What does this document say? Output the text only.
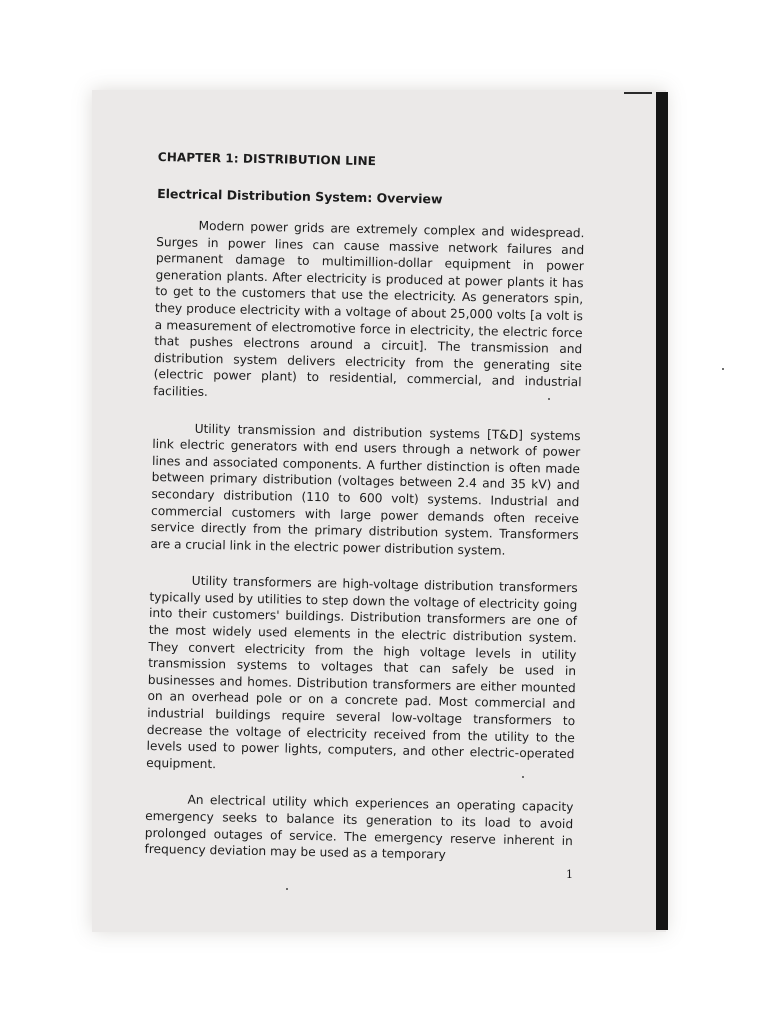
CHAPTER 1: DISTRIBUTION LINE
Electrical Distribution System: Overview

Modern power grids are extremely complex and widespread. Surges in power lines can cause massive network failures and permanent damage to multimillion-dollar equipment in power generation plants. After electricity is produced at power plants it has to get to the customers that use the electricity. As generators spin, they produce electricity with a voltage of about 25,000 volts [a volt is a measurement of electromotive force in electricity, the electric force that pushes electrons around a circuit]. The transmission and distribution system delivers electricity from the generating site (electric power plant) to residential, commercial, and industrial facilities.

Utility transmission and distribution systems [T&D] systems link electric generators with end users through a network of power lines and associated components. A further distinction is often made between primary distribution (voltages between 2.4 and 35 kV) and secondary distribution (110 to 600 volt) systems. Industrial and commercial customers with large power demands often receive service directly from the primary distribution system. Transformers are a crucial link in the electric power distribution system.

Utility transformers are high-voltage distribution transformers typically used by utilities to step down the voltage of electricity going into their customers' buildings. Distribution transformers are one of the most widely used elements in the electric distribution system. They convert electricity from the high voltage levels in utility transmission systems to voltages that can safely be used in businesses and homes. Distribution transformers are either mounted on an overhead pole or on a concrete pad. Most commercial and industrial buildings require several low-voltage transformers to decrease the voltage of electricity received from the utility to the levels used to power lights, computers, and other electric-operated equipment.

An electrical utility which experiences an operating capacity emergency seeks to balance its generation to its load to avoid prolonged outages of service. The emergency reserve inherent in frequency deviation may be used as a temporary

1
